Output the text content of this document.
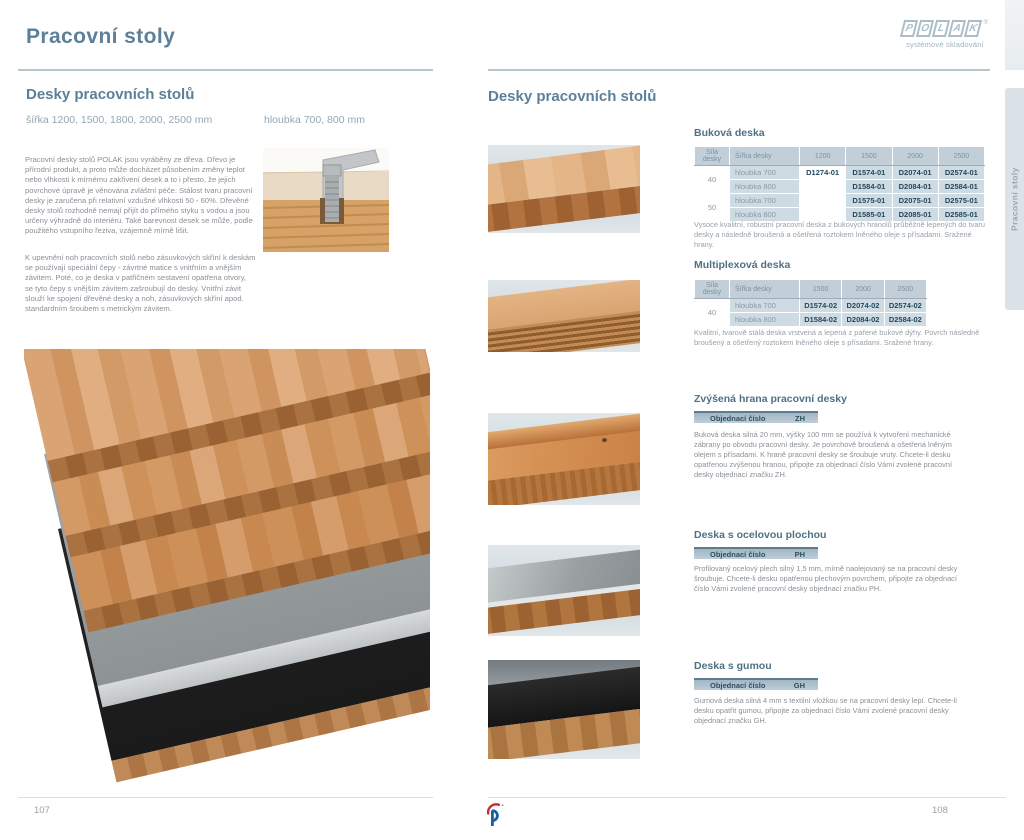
Pracovní stoly	P O L A K ®
systémové skladování
Pracovní stoly
Desky pracovních stolů
šířka 1200, 1500, 1800, 2000, 2500 mm	hloubka 700, 800 mm
Pracovní desky stolů POLAK jsou vyráběny ze dřeva. Dřevo je přírodní produkt, a proto může docházet působením změny teplot nebo vlhkosti k mírnému zakřivení desek a to i přesto, že jejich povrchové úpravě je věnována zvláštní péče. Stálost tvaru pracovní desky je zaručena při relativní vzdušné vlhkosti 50 - 60%. Dřevěné desky stolů rozhodně nemají přijít do přímého styku s vodou a jsou určeny výhradně do interiéru. Také barevnost desek se může, podle použitého vstupního řeziva, vzájemně mírně lišit.
K upevnění noh pracovních stolů nebo zásuvkových skříní k deskám se používají speciální čepy - závrtné matice s vnitřním a vnějším závitem. Poté, co je deska v patřičném sestavení opatřena otvory, se tyto čepy s vnějším závitem zašroubují do desky. Vnitřní závit slouží ke spojení dřevěné desky a noh, zásuvkových skříní apod. standardním šroubem s metrickým závitem.
Desky pracovních stolů
Buková deska
Síla desky	Šířka desky	1200	1500	2000	2500
40	hloubka 700	D1274-01	D1574-01	D2074-01	D2574-01
	hloubka 800		D1584-01	D2084-01	D2584-01
50	hloubka 700		D1575-01	D2075-01	D2575-01
	hloubka 800		D1585-01	D2085-01	D2585-01
Vysoce kvalitní, robustní pracovní deska z bukových hranolů průběžně lepených do tvaru desky a následně broušená a ošetřená roztokem lněného oleje s přísadami. Sražené hrany.
Multiplexová deska
Síla desky	Šířka desky	1500	2000	2500
40	hloubka 700	D1574-02	D2074-02	D2574-02
	hloubka 800	D1584-02	D2084-02	D2584-02
Kvalitní, tvarově stálá deska vrstvená a lepená z pařené bukové dýhy. Povrch následně broušený a ošetřený roztokem lněného oleje s přísadami. Sražené hrany.
Zvýšená hrana pracovní desky
Objednací číslo	ZH
Buková deska silná 20 mm, výšky 100 mm se používá k vytvoření mechanické zábrany po obvodu pracovní desky. Je povrchově broušená a ošetřená lněným olejem s přísadami. K hraně pracovní desky se šroubuje vruty. Chcete-li desku opatřenou zvýšenou hranou, připojte za objednací číslo Vámi zvolené pracovní desky objednací značku ZH.
Deska s ocelovou plochou
Objednací číslo	PH
Profilovaný ocelový plech silný 1,5 mm, mírně naolejovaný se na pracovní desky šroubuje. Chcete-li desku opatřenou plechovým povrchem, připojte za objednací číslo Vámi zvolené pracovní desky objednací značku PH.
Deska s gumou
Objednací číslo	GH
Gumová deska silná 4 mm s textilní vložkou se na pracovní desky lepí. Chcete-li desku opatřit gumou, připojte za objednací číslo Vámi zvolené pracovní desky objednací značku GH.
107	108
